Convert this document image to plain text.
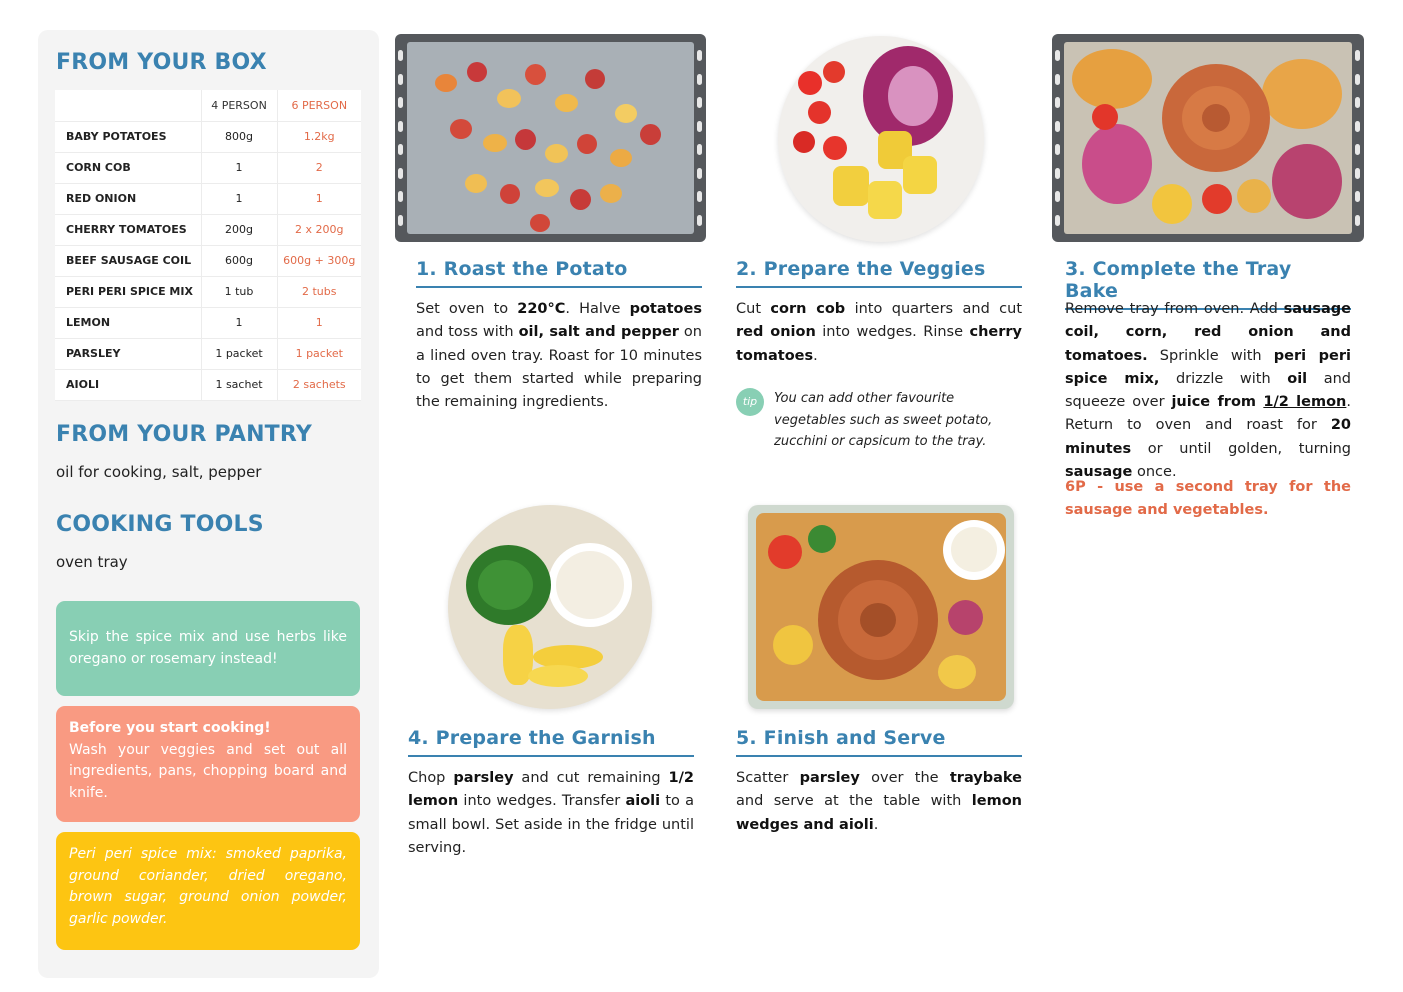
FROM YOUR BOX
	4 PERSON	6 PERSON
BABY POTATOES	800g	1.2kg
CORN COB	1	2
RED ONION	1	1
CHERRY TOMATOES	200g	2 x 200g
BEEF SAUSAGE COIL	600g	600g + 300g
PERI PERI SPICE MIX	1 tub	2 tubs
LEMON	1	1
PARSLEY	1 packet	1 packet
AIOLI	1 sachet	2 sachets
FROM YOUR PANTRY
oil for cooking, salt, pepper
COOKING TOOLS
oven tray
Skip the spice mix and use herbs like oregano or rosemary instead!
Before you start cooking!
Wash your veggies and set out all ingredients, pans, chopping board and knife.
Peri peri spice mix: smoked paprika, ground coriander, dried oregano, brown sugar, ground onion powder, garlic powder.
1. Roast the Potato
Set oven to 220°C. Halve potatoes and toss with oil, salt and pepper on a lined oven tray. Roast for 10 minutes to get them started while preparing the remaining ingredients.
2. Prepare the Veggies
Cut corn cob into quarters and cut red onion into wedges. Rinse cherry tomatoes.
tip	You can add other favourite vegetables such as sweet potato, zucchini or capsicum to the tray.
3. Complete the Tray Bake
Remove tray from oven. Add sausage coil, corn, red onion and tomatoes. Sprinkle with peri peri spice mix, drizzle with oil and squeeze over juice from 1/2 lemon. Return to oven and roast for 20 minutes or until golden, turning sausage once.
6P - use a second tray for the sausage and vegetables.
4. Prepare the Garnish
Chop parsley and cut remaining 1/2 lemon into wedges. Transfer aioli to a small bowl. Set aside in the fridge until serving.
5. Finish and Serve
Scatter parsley over the traybake and serve at the table with lemon wedges and aioli.
